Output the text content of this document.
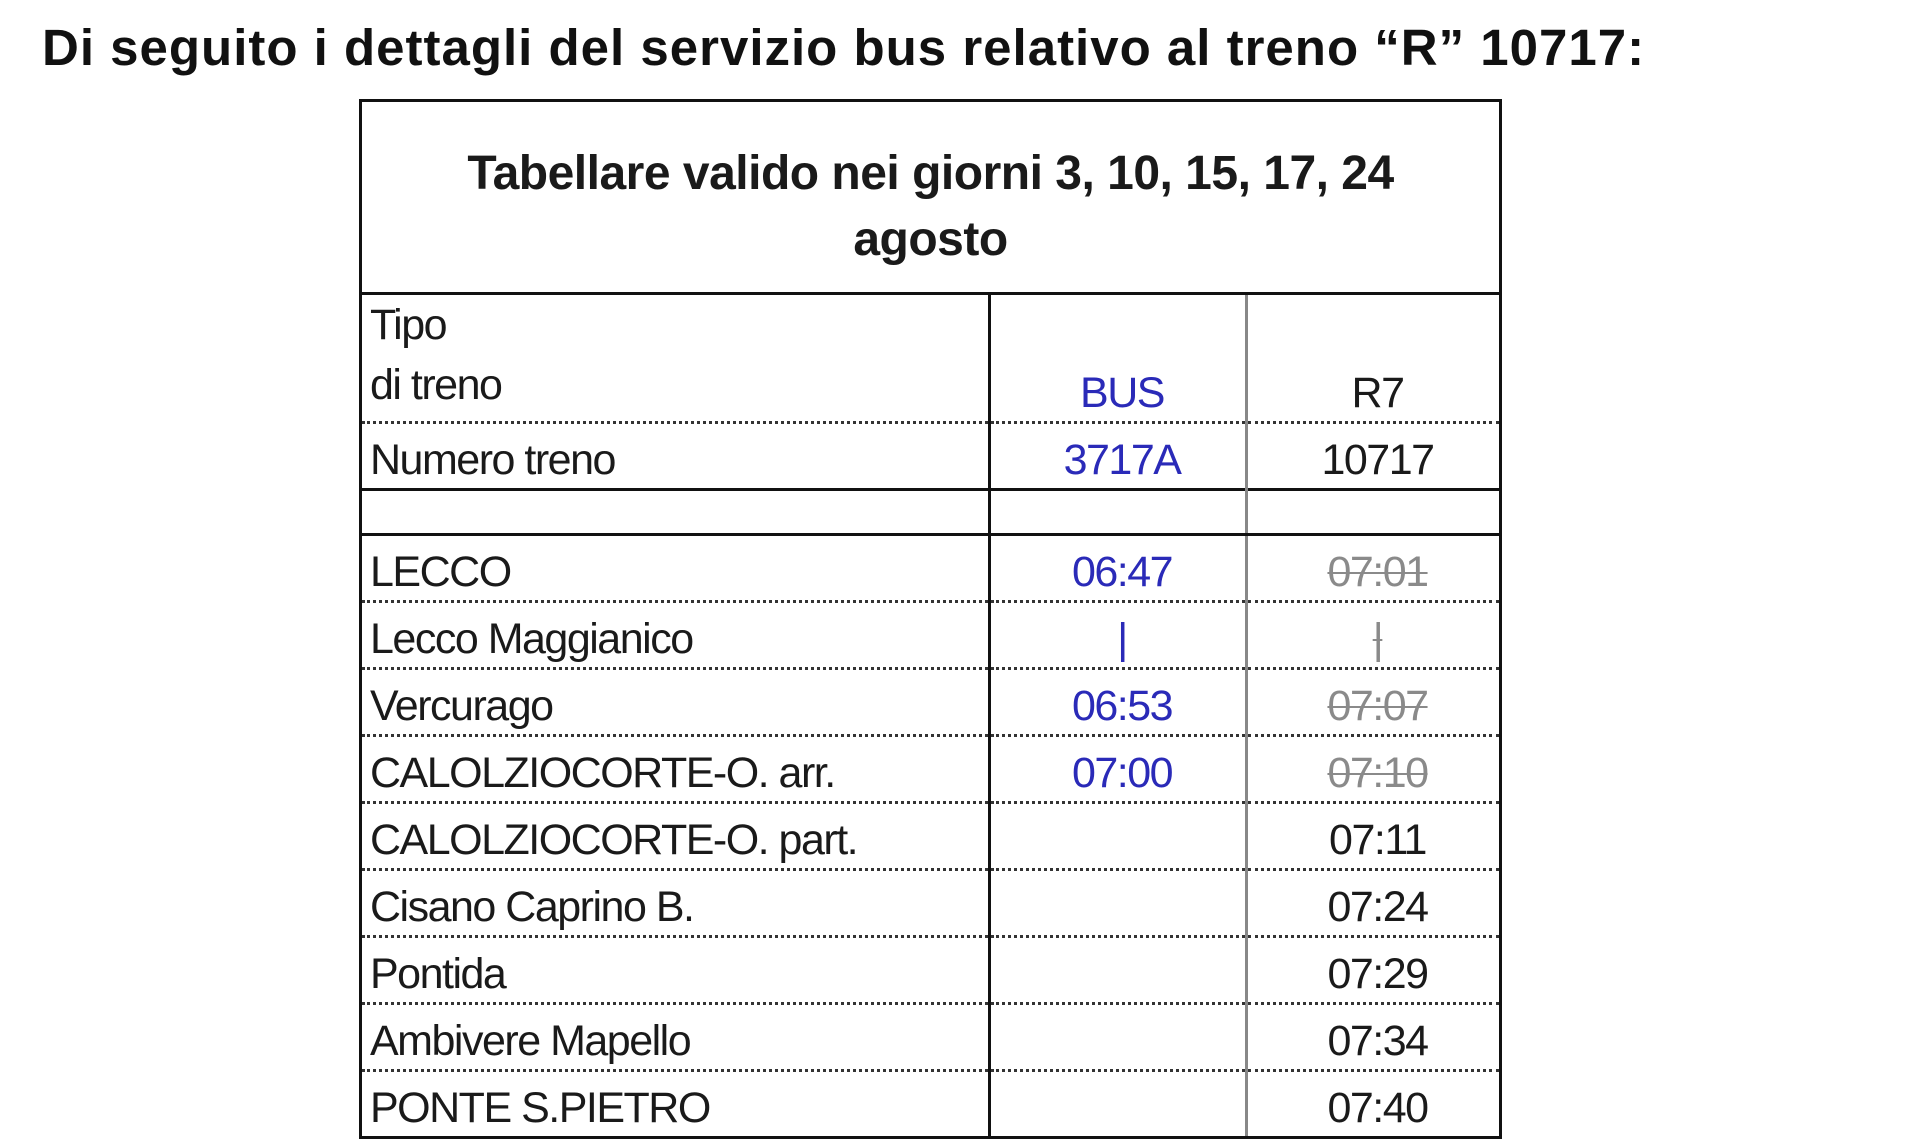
Di seguito i dettagli del servizio bus relativo al treno “R” 10717:
Tabellare valido nei giorni 3, 10, 15, 17, 24 agosto		
Tipo
di treno	BUS	R7
Numero treno	3717A	10717

LECCO	06:47	07:01
Lecco Maggianico	|	|
Vercurago	06:53	07:07
CALOLZIOCORTE-O. arr.	07:00	07:10
CALOLZIOCORTE-O. part.		07:11
Cisano Caprino B.		07:24
Pontida		07:29
Ambivere Mapello		07:34
PONTE S.PIETRO		07:40
